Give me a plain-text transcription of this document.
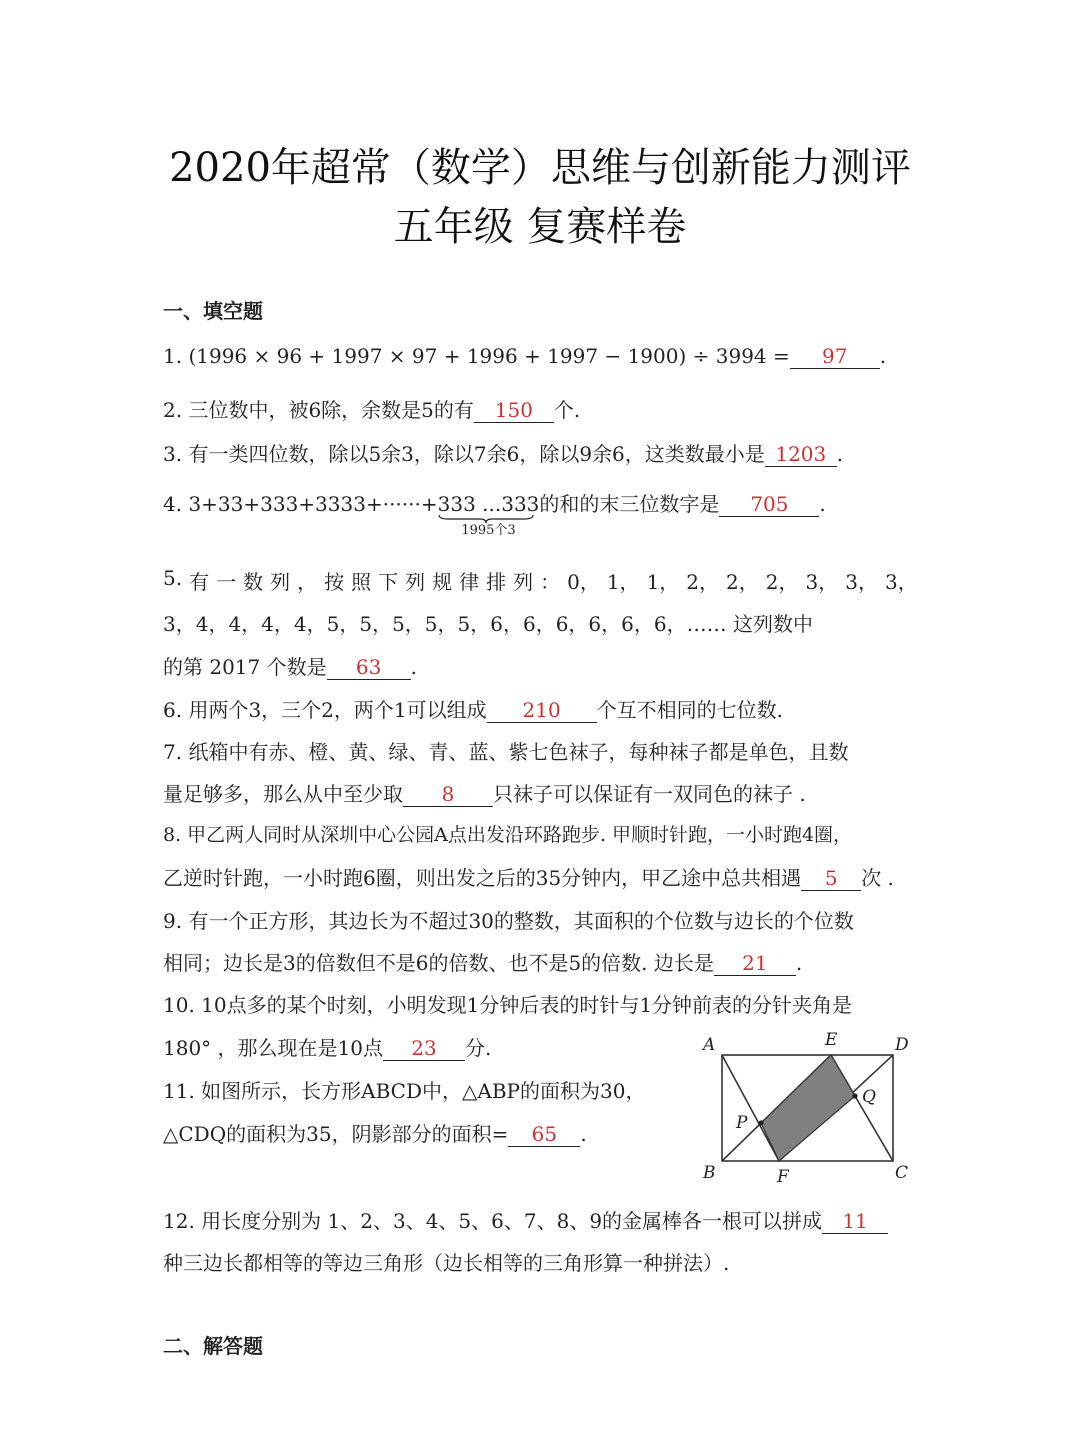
2020年超常（数学）思维与创新能力测评
五年级 复赛样卷
一、填空题
1. (1996 × 96 + 1997 × 97 + 1996 + 1997 − 1900) ÷ 3994 = 97 .
2. 三位数中，被6除，余数是5的有 150 个.
3. 有一类四位数，除以5余3，除以7余6，除以9余6，这类数最小是 1203 .
4. 3+33+333+3333+······+333 ...333
1995个3
的和的末三位数字是 705 .
5. 有 一 数 列 ， 按 照 下 列 规 律 排 列 ： 0， 1， 1， 2， 2， 2， 3， 3， 3，
3，4，4，4，4，5，5，5，5，5，6，6，6，6，6，6，…… 这列数中
的第 2017 个数是 63 .
6. 用两个3，三个2，两个1可以组成 210 个互不相同的七位数.
7. 纸箱中有赤、橙、黄、绿、青、蓝、紫七色袜子，每种袜子都是单色，且数
量足够多，那么从中至少取 8 只袜子可以保证有一双同色的袜子 .
8. 甲乙两人同时从深圳中心公园A点出发沿环路跑步. 甲顺时针跑，一小时跑4圈，
乙逆时针跑，一小时跑6圈，则出发之后的35分钟内，甲乙途中总共相遇 5 次 .
9. 有一个正方形，其边长为不超过30的整数，其面积的个位数与边长的个位数
相同；边长是3的倍数但不是6的倍数、也不是5的倍数. 边长是 21 .
10. 10点多的某个时刻，小明发现1分钟后表的时针与1分钟前表的分针夹角是
180° ，那么现在是10点 23 分.
11. 如图所示，长方形ABCD中，△ABP的面积为30，
△CDQ的面积为35，阴影部分的面积= 65 .
A
B	C
D
E
F
P
Q
12. 用长度分别为 1、2、3、4、5、6、7、8、9的金属棒各一根可以拼成 11
种三边长都相等的等边三角形（边长相等的三角形算一种拼法）.
二、解答题
